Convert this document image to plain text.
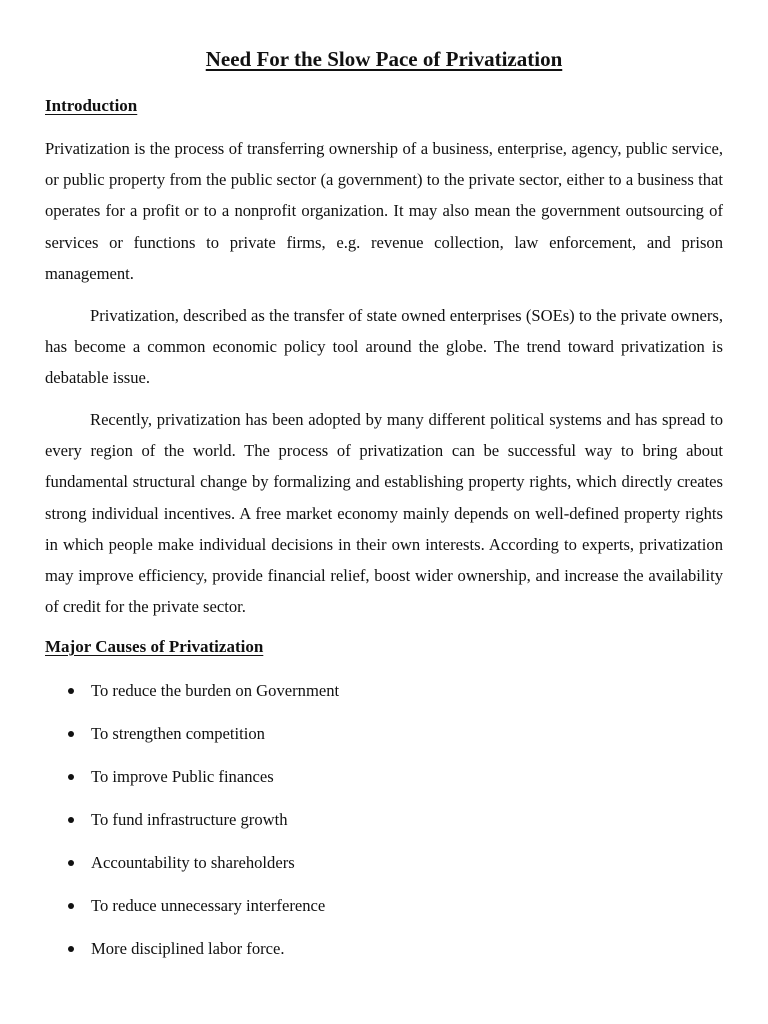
Need For the Slow Pace of Privatization
Introduction

Privatization is the process of transferring ownership of a business, enterprise, agency, public service, or public property from the public sector (a government) to the private sector, either to a business that operates for a profit or to a nonprofit organization. It may also mean the government outsourcing of services or functions to private firms, e.g. revenue collection, law enforcement, and prison management.

Privatization, described as the transfer of state owned enterprises (SOEs) to the private owners, has become a common economic policy tool around the globe. The trend toward privatization is debatable issue.

Recently, privatization has been adopted by many different political systems and has spread to every region of the world. The process of privatization can be successful way to bring about fundamental structural change by formalizing and establishing property rights, which directly creates strong individual incentives. A free market economy mainly depends on well-defined property rights in which people make individual decisions in their own interests. According to experts, privatization may improve efficiency, provide financial relief, boost wider ownership, and increase the availability of credit for the private sector.

Major Causes of Privatization
To reduce the burden on Government
To strengthen competition
To improve Public finances
To fund infrastructure growth
Accountability to shareholders
To reduce unnecessary interference
More disciplined labor force.
